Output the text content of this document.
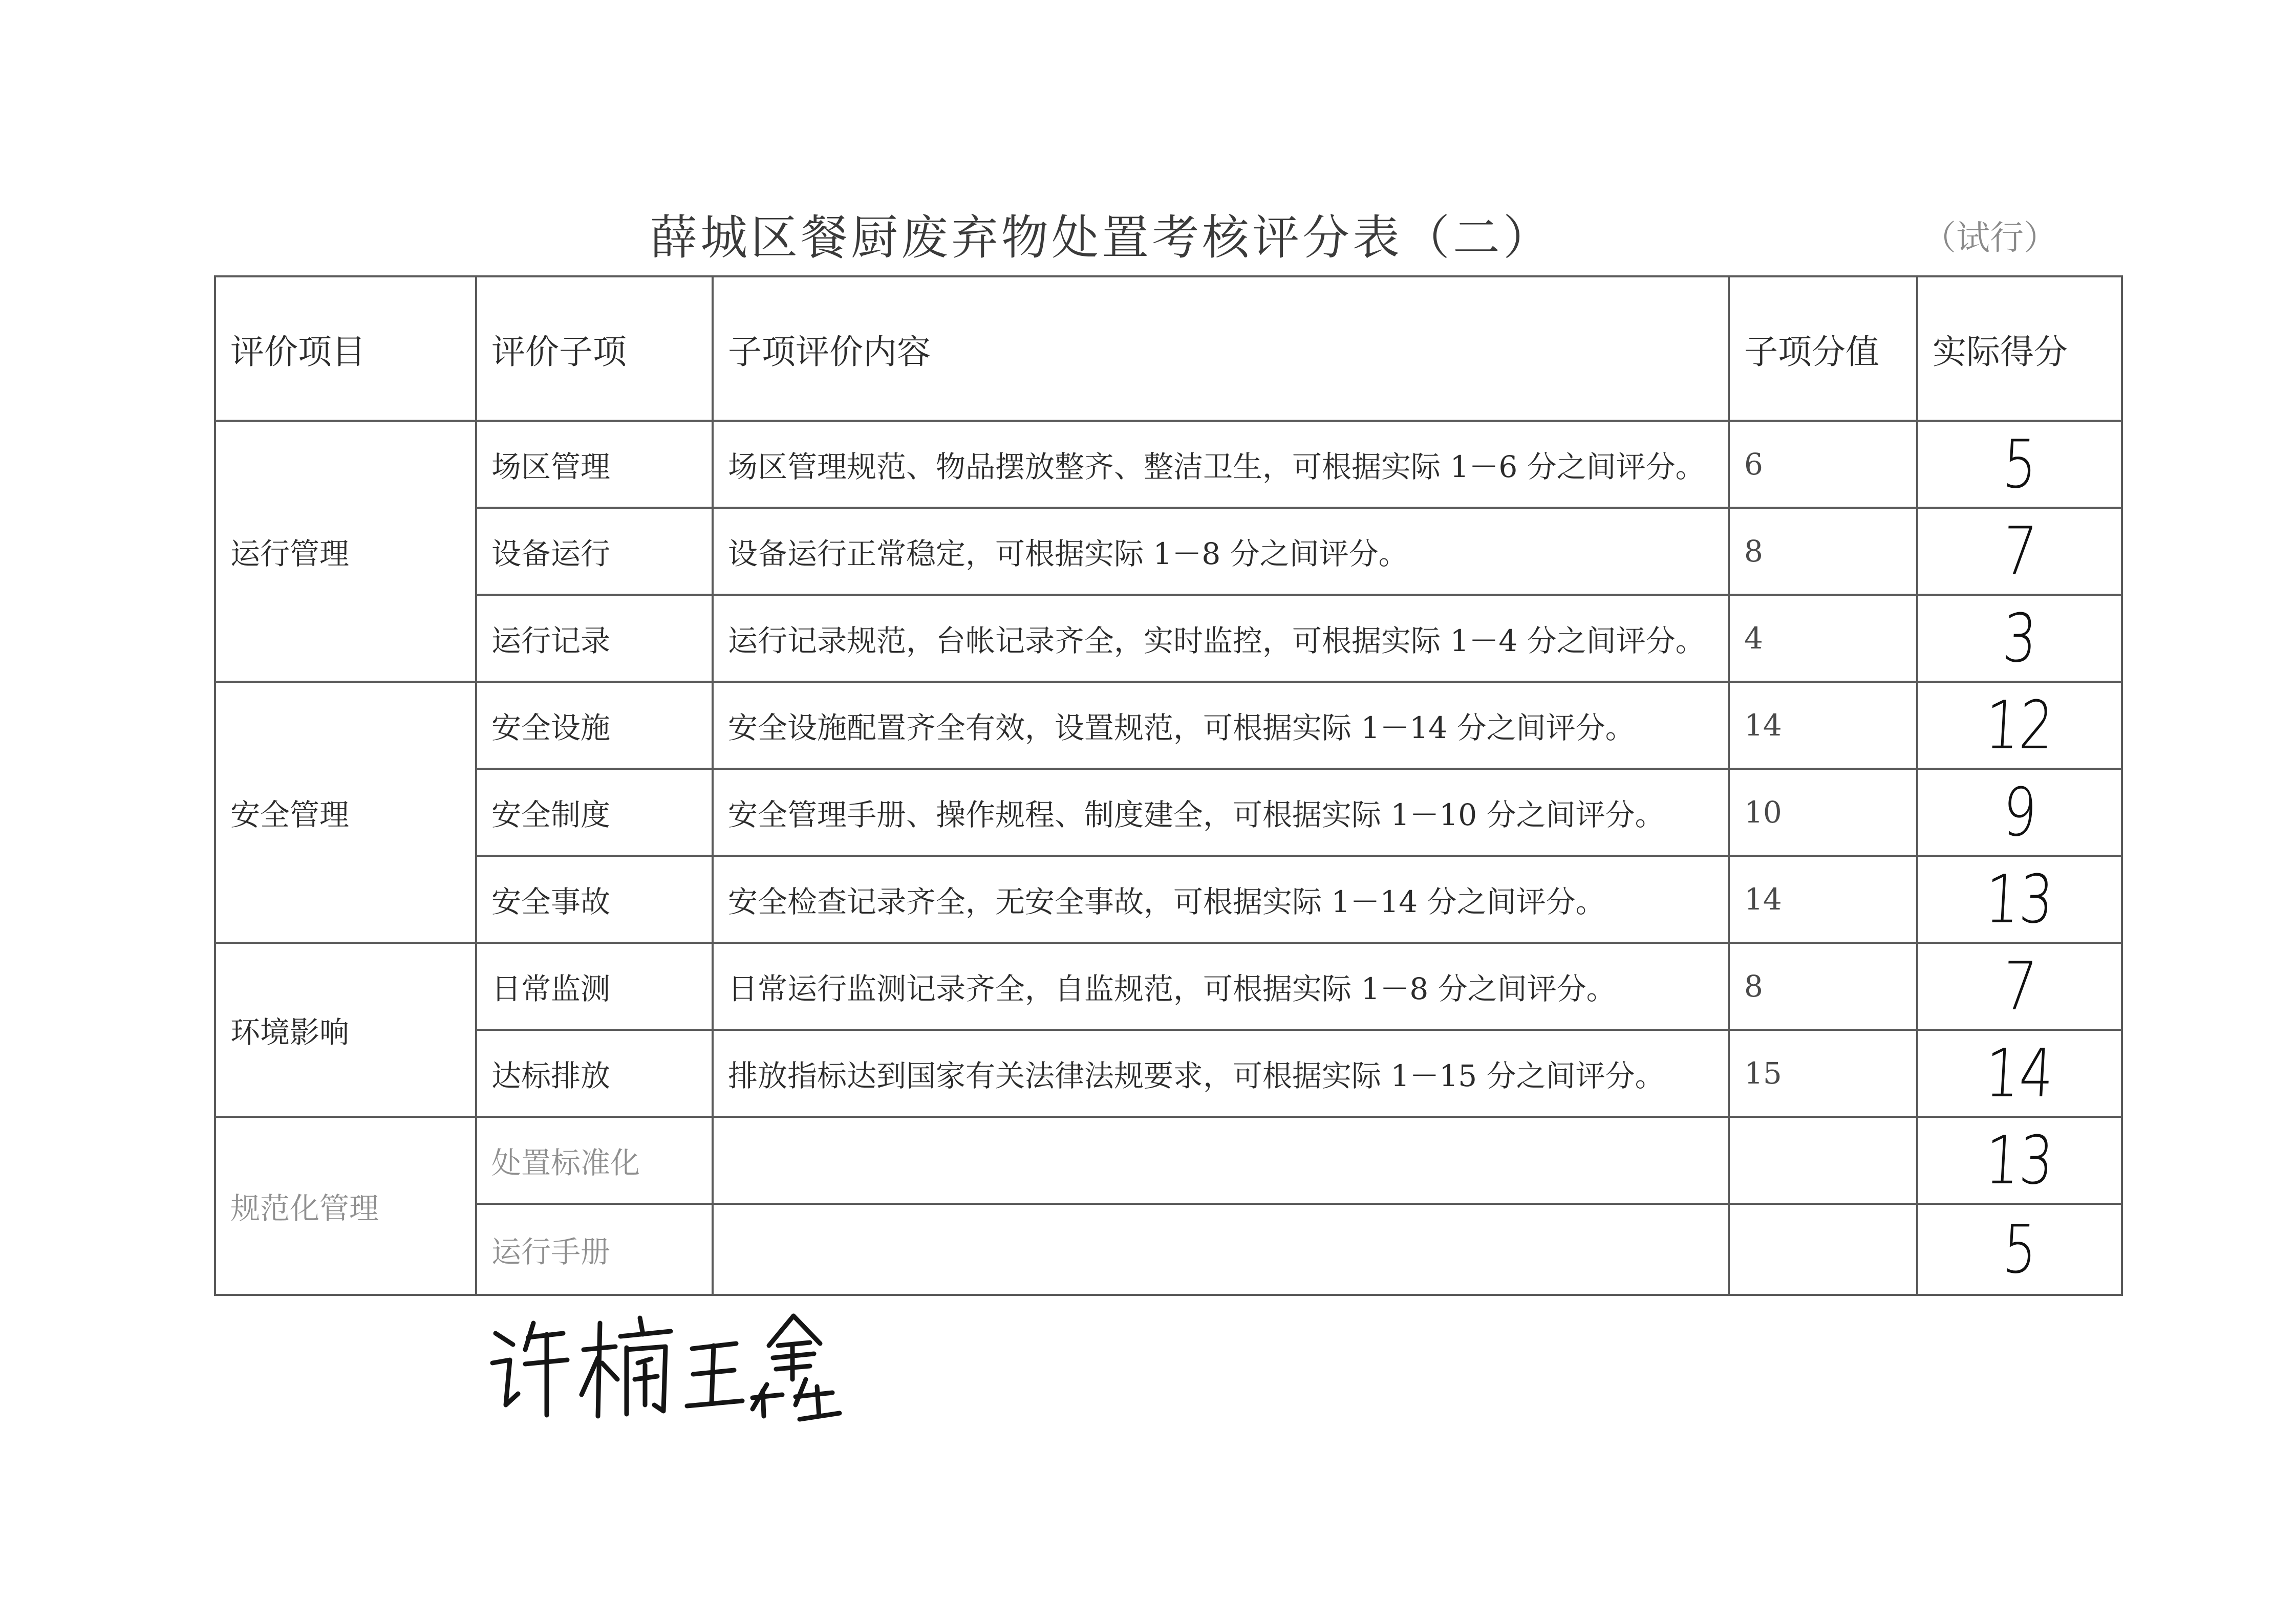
薛城区餐厨废弃物处置考核评分表（二）	（试行）
评价项目	评价子项	子项评价内容	子项分值	实际得分
运行管理	场区管理	场区管理规范、物品摆放整齐、整洁卫生，可根据实际 1－6 分之间评分。	6	5
	设备运行	设备运行正常稳定，可根据实际 1－8 分之间评分。	8	7
	运行记录	运行记录规范，台帐记录齐全，实时监控，可根据实际 1－4 分之间评分。	4	3
安全管理	安全设施	安全设施配置齐全有效，设置规范，可根据实际 1－14 分之间评分。	14	12
	安全制度	安全管理手册、操作规程、制度建全，可根据实际 1－10 分之间评分。	10	9
	安全事故	安全检查记录齐全，无安全事故，可根据实际 1－14 分之间评分。	14	13
环境影响	日常监测	日常运行监测记录齐全，自监规范，可根据实际 1－8 分之间评分。	8	7
	达标排放	排放指标达到国家有关法律法规要求，可根据实际 1－15 分之间评分。	15	14
规范化管理	处置标准化			13
	运行手册			5
